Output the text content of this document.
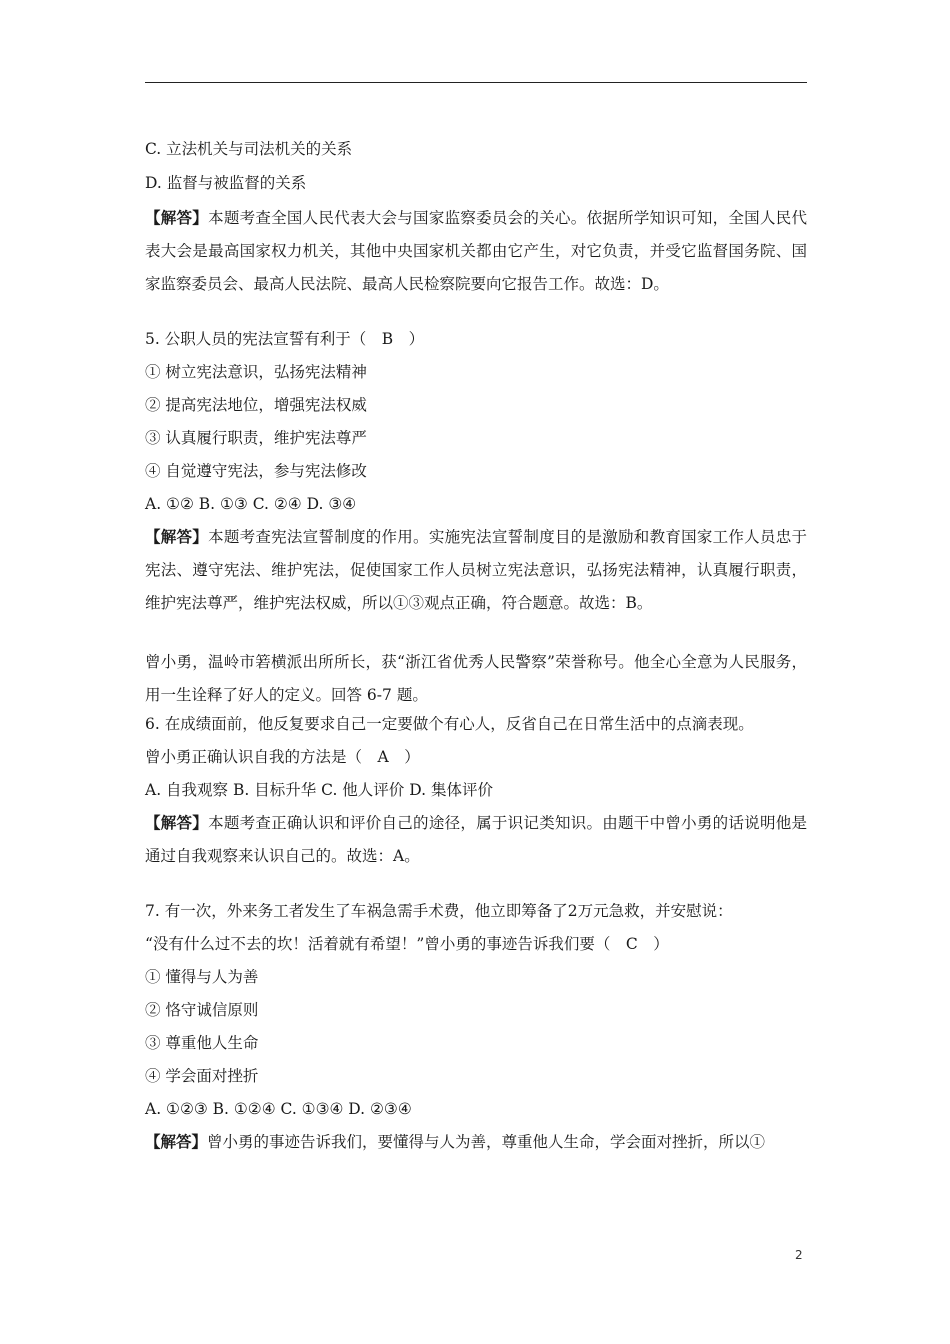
C. 立法机关与司法机关的关系
D. 监督与被监督的关系
【解答】本题考查全国人民代表大会与国家监察委员会的关心。依据所学知识可知，全国人民代表大会是最高国家权力机关，其他中央国家机关都由它产生，对它负责，并受它监督国务院、国家监察委员会、最高人民法院、最高人民检察院要向它报告工作。故选：D。
5. 公职人员的宪法宣誓有利于（　B　）
① 树立宪法意识，弘扬宪法精神
② 提高宪法地位，增强宪法权威
③ 认真履行职责，维护宪法尊严
④ 自觉遵守宪法，参与宪法修改
A. ①② B. ①③ C. ②④ D. ③④
【解答】本题考查宪法宣誓制度的作用。实施宪法宣誓制度目的是激励和教育国家工作人员忠于宪法、遵守宪法、维护宪法，促使国家工作人员树立宪法意识，弘扬宪法精神，认真履行职责，维护宪法尊严，维护宪法权威，所以①③观点正确，符合题意。故选：B。
曾小勇，温岭市箬横派出所所长，获“浙江省优秀人民警察”荣誉称号。他全心全意为人民服务，用一生诠释了好人的定义。回答 6-7 题。
6. 在成绩面前，他反复要求自己一定要做个有心人，反省自己在日常生活中的点滴表现。
曾小勇正确认识自我的方法是（　A　）
A. 自我观察 B. 目标升华 C. 他人评价 D. 集体评价
【解答】本题考查正确认识和评价自己的途径，属于识记类知识。由题干中曾小勇的话说明他是通过自我观察来认识自己的。故选：A。
7. 有一次，外来务工者发生了车祸急需手术费，他立即筹备了2万元急救，并安慰说：
“没有什么过不去的坎！活着就有希望！”曾小勇的事迹告诉我们要（　C　）
① 懂得与人为善
② 恪守诚信原则
③ 尊重他人生命
④ 学会面对挫折
A. ①②③ B. ①②④ C. ①③④ D. ②③④
【解答】曾小勇的事迹告诉我们，要懂得与人为善，尊重他人生命，学会面对挫折，所以①
2
